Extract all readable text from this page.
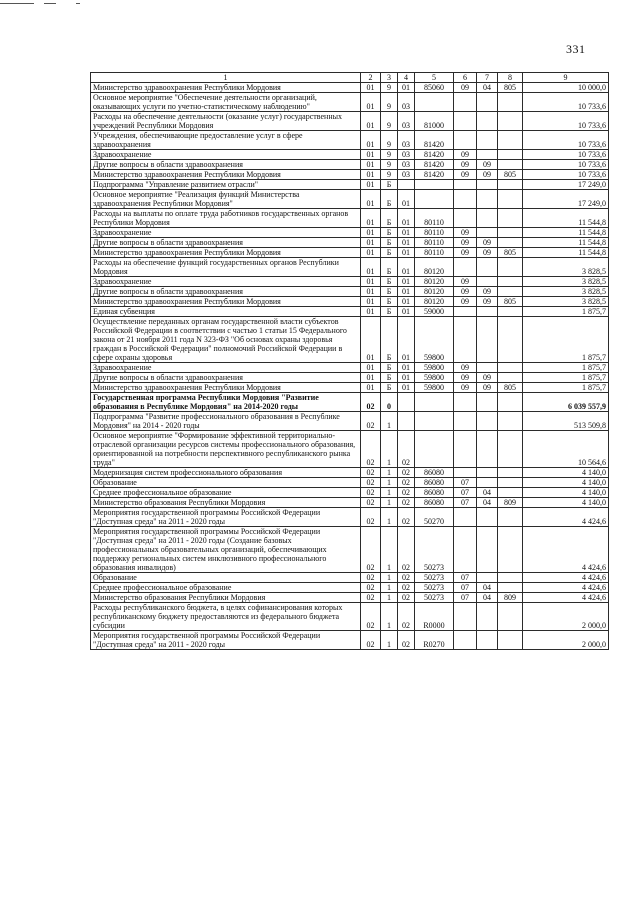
331
1	2	3	4	5	6	7	8	9
Министерство здравоохранения Республики Мордовия	01	9	01	85060	09	04	805	10 000,0
Основное мероприятие "Обеспечение деятельности организаций, оказывающих услуги по учетно-статистическому наблюдению"	01	9	03					10 733,6
Расходы на обеспечение деятельности (оказание услуг) государственных учреждений Республики Мордовия	01	9	03	81000				10 733,6
Учреждения, обеспечивающие предоставление услуг в сфере здравоохранения	01	9	03	81420				10 733,6
Здравоохранение	01	9	03	81420	09			10 733,6
Другие вопросы в области здравоохранения	01	9	03	81420	09	09		10 733,6
Министерство здравоохранения Республики Мордовия	01	9	03	81420	09	09	805	10 733,6
Подпрограмма "Управление развитием отрасли"	01	Б						17 249,0
Основное мероприятие "Реализация функций Министерства здравоохранения Республики Мордовия"	01	Б	01					17 249,0
Расходы на выплаты по оплате труда работников государственных органов Республики Мордовия	01	Б	01	80110				11 544,8
Здравоохранение	01	Б	01	80110	09			11 544,8
Другие вопросы в области здравоохранения	01	Б	01	80110	09	09		11 544,8
Министерство здравоохранения Республики Мордовия	01	Б	01	80110	09	09	805	11 544,8
Расходы на обеспечение функций государственных органов Республики Мордовия	01	Б	01	80120				3 828,5
Здравоохранение	01	Б	01	80120	09			3 828,5
Другие вопросы в области здравоохранения	01	Б	01	80120	09	09		3 828,5
Министерство здравоохранения Республики Мордовия	01	Б	01	80120	09	09	805	3 828,5
Единая субвенция	01	Б	01	59000				1 875,7
Осуществление переданных органам государственной власти субъектов Российской Федерации в соответствии с частью 1 статьи 15 Федерального закона от 21 ноября 2011 года N 323-ФЗ "Об основах охраны здоровья граждан в Российской Федерации" полномочий Российской Федерации в сфере охраны здоровья	01	Б	01	59800				1 875,7
Здравоохранение	01	Б	01	59800	09			1 875,7
Другие вопросы в области здравоохранения	01	Б	01	59800	09	09		1 875,7
Министерство здравоохранения Республики Мордовия	01	Б	01	59800	09	09	805	1 875,7
Государственная программа Республики Мордовия "Развитие образования в Республике Мордовия" на 2014-2020 годы	02	0						6 039 557,9
Подпрограмма "Развитие профессионального образования в Республике Мордовия" на 2014 - 2020 годы	02	1						513 509,8
Основное мероприятие "Формирование эффективной территориально-отраслевой организации ресурсов системы профессионального образования, ориентированной на потребности перспективного республиканского рынка труда"	02	1	02					10 564,6
Модернизация систем профессионального образования	02	1	02	86080				4 140,0
Образование	02	1	02	86080	07			4 140,0
Среднее профессиональное образование	02	1	02	86080	07	04		4 140,0
Министерство образования Республики Мордовия	02	1	02	86080	07	04	809	4 140,0
Мероприятия государственной программы Российской Федерации "Доступная среда" на 2011 - 2020 годы	02	1	02	50270				4 424,6
Мероприятия государственной программы Российской Федерации "Доступная среда" на 2011 - 2020 годы (Создание базовых профессиональных образовательных организаций, обеспечивающих поддержку региональных систем инклюзивного профессионального образования инвалидов)	02	1	02	50273				4 424,6
Образование	02	1	02	50273	07			4 424,6
Среднее профессиональное образование	02	1	02	50273	07	04		4 424,6
Министерство образования Республики Мордовия	02	1	02	50273	07	04	809	4 424,6
Расходы республиканского бюджета, в целях софинансирования которых республиканскому бюджету предоставляются из федерального бюджета субсидии	02	1	02	R0000				2 000,0
Мероприятия государственной программы Российской Федерации "Доступная среда" на 2011 - 2020 годы	02	1	02	R0270				2 000,0
